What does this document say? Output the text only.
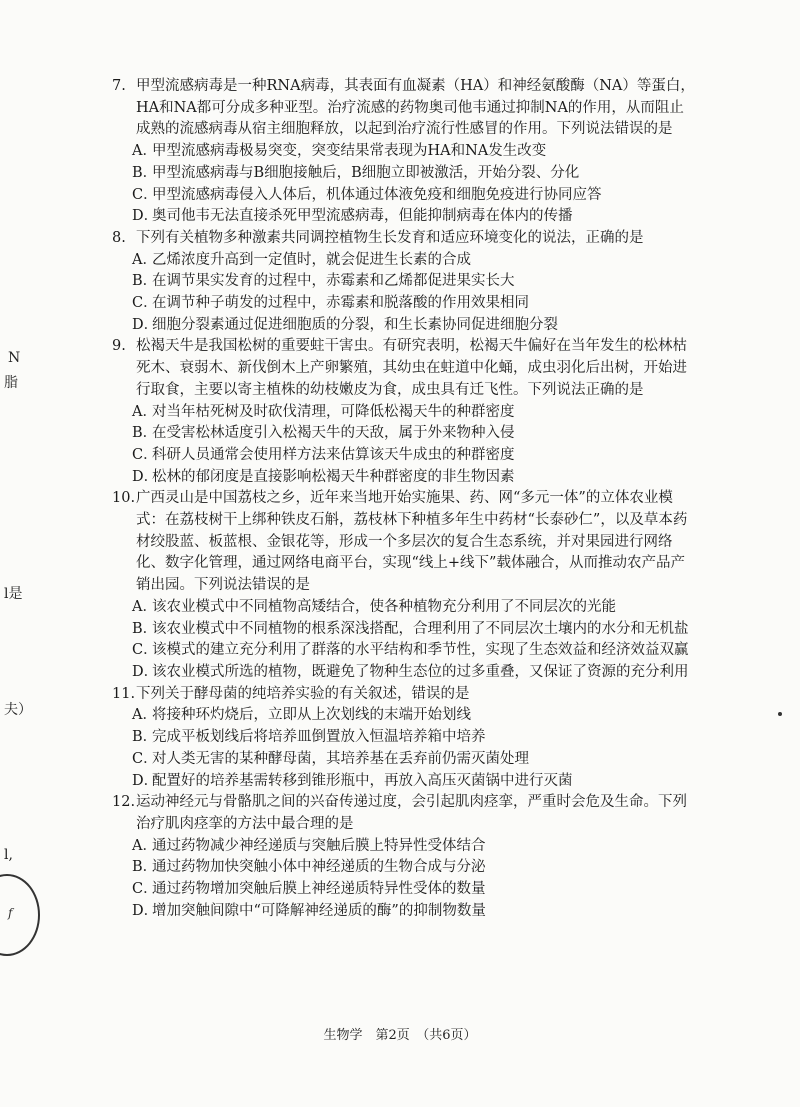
N
脂
l是
夫）
l,
f

7. 甲型流感病毒是一种RNA病毒，其表面有血凝素（HA）和神经氨酸酶（NA）等蛋白，HA和NA都可分成多种亚型。治疗流感的药物奥司他韦通过抑制NA的作用，从而阻止成熟的流感病毒从宿主细胞释放，以起到治疗流行性感冒的作用。下列说法错误的是

A．甲型流感病毒极易突变，突变结果常表现为HA和NA发生改变

B．甲型流感病毒与B细胞接触后，B细胞立即被激活，开始分裂、分化

C．甲型流感病毒侵入人体后，机体通过体液免疫和细胞免疫进行协同应答

D．奥司他韦无法直接杀死甲型流感病毒，但能抑制病毒在体内的传播

8. 下列有关植物多种激素共同调控植物生长发育和适应环境变化的说法，正确的是

A．乙烯浓度升高到一定值时，就会促进生长素的合成

B．在调节果实发育的过程中，赤霉素和乙烯都促进果实长大

C．在调节种子萌发的过程中，赤霉素和脱落酸的作用效果相同

D．细胞分裂素通过促进细胞质的分裂，和生长素协同促进细胞分裂

9. 松褐天牛是我国松树的重要蛀干害虫。有研究表明，松褐天牛偏好在当年发生的松林枯死木、衰弱木、新伐倒木上产卵繁殖，其幼虫在蛀道中化蛹，成虫羽化后出树，开始进行取食，主要以寄主植株的幼枝嫩皮为食，成虫具有迁飞性。下列说法正确的是

A．对当年枯死树及时砍伐清理，可降低松褐天牛的种群密度

B．在受害松林适度引入松褐天牛的天敌，属于外来物种入侵

C．科研人员通常会使用样方法来估算该天牛成虫的种群密度

D．松林的郁闭度是直接影响松褐天牛种群密度的非生物因素

10.广西灵山是中国荔枝之乡，近年来当地开始实施果、药、网“多元一体”的立体农业模式：在荔枝树干上绑种铁皮石斛，荔枝林下种植多年生中药材“长泰砂仁”，以及草本药材绞股蓝、板蓝根、金银花等，形成一个多层次的复合生态系统，并对果园进行网络化、数字化管理，通过网络电商平台，实现“线上+线下”载体融合，从而推动农产品产销出园。下列说法错误的是

A．该农业模式中不同植物高矮结合，使各种植物充分利用了不同层次的光能

B．该农业模式中不同植物的根系深浅搭配，合理利用了不同层次土壤内的水分和无机盐

C．该模式的建立充分利用了群落的水平结构和季节性，实现了生态效益和经济效益双赢

D．该农业模式所选的植物，既避免了物种生态位的过多重叠，又保证了资源的充分利用

11.下列关于酵母菌的纯培养实验的有关叙述，错误的是

A．将接种环灼烧后，立即从上次划线的末端开始划线

B．完成平板划线后将培养皿倒置放入恒温培养箱中培养

C．对人类无害的某种酵母菌，其培养基在丢弃前仍需灭菌处理

D．配置好的培养基需转移到锥形瓶中，再放入高压灭菌锅中进行灭菌

12.运动神经元与骨骼肌之间的兴奋传递过度，会引起肌肉痉挛，严重时会危及生命。下列治疗肌肉痉挛的方法中最合理的是

A．通过药物减少神经递质与突触后膜上特异性受体结合

B．通过药物加快突触小体中神经递质的生物合成与分泌

C．通过药物增加突触后膜上神经递质特异性受体的数量

D．增加突触间隙中“可降解神经递质的酶”的抑制物数量

生物学　第2页　（共6页）
